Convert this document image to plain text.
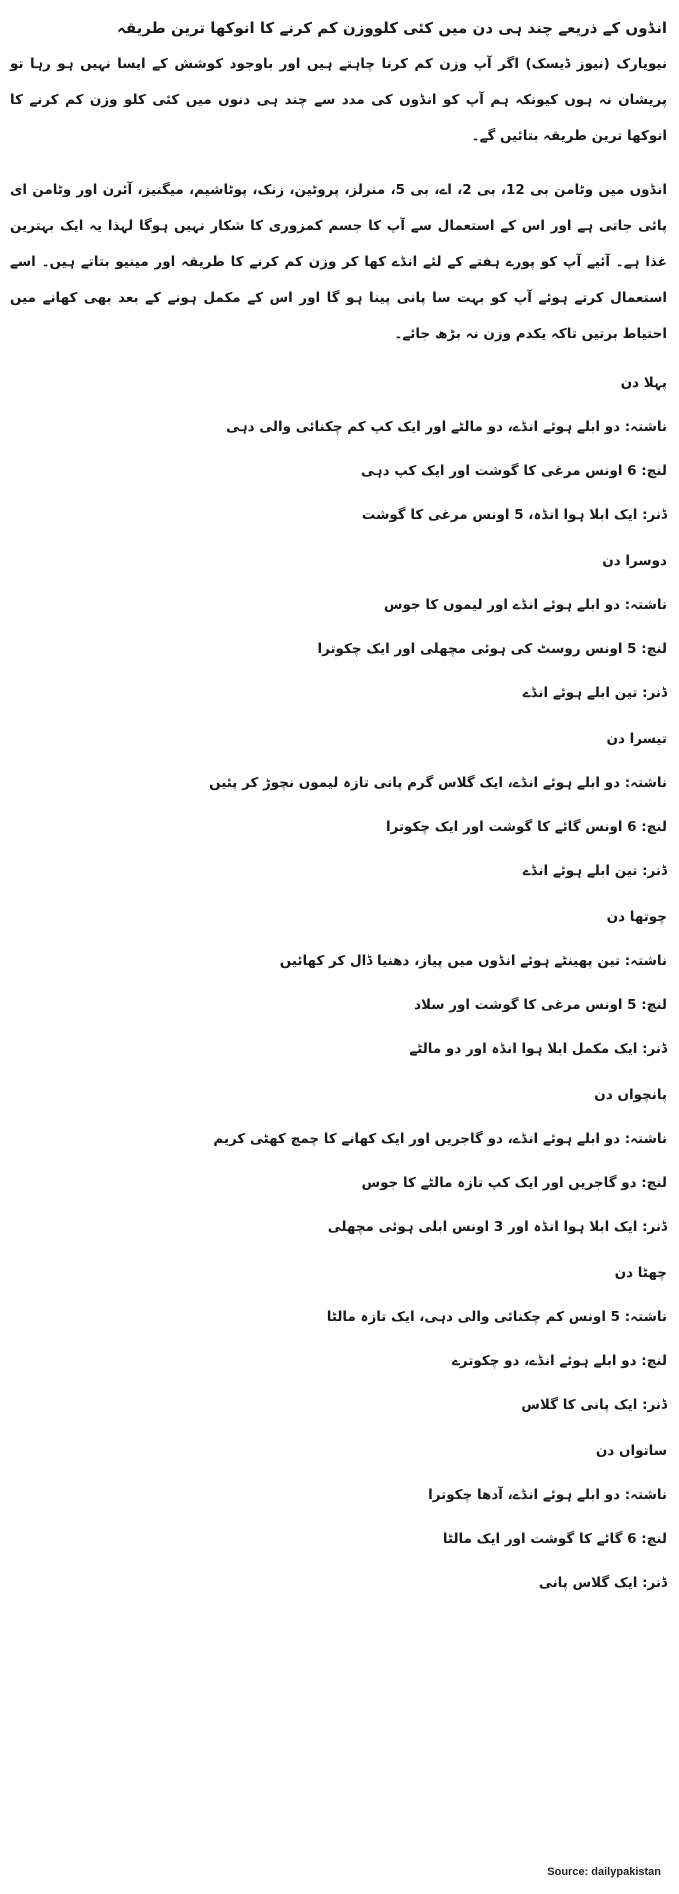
انڈوں کے ذریعے چند ہی دن میں کئی کلووزن کم کرنے کا انوکھا ترین طریقہ
نیویارک (نیوز ڈیسک) اگر آپ وزن کم کرنا چاہتے ہیں اور باوجود کوشش کے ایسا نہیں ہو رہا تو پریشان نہ ہوں کیونکہ ہم آپ کو انڈوں کی مدد سے چند ہی دنوں میں کئی کلو وزن کم کرنے کا انوکھا ترین طریقہ بتائیں گے۔
انڈوں میں وٹامن بی 12، بی 2، اے، بی 5، منرلز، پروٹین، زنک، پوٹاشیم، میگنیز، آئرن اور وٹامن ای پائی جاتی ہے اور اس کے استعمال سے آپ کا جسم کمزوری کا شکار نہیں ہوگا لہذا یہ ایک بہترین غذا ہے۔ آئیے آپ کو پورے ہفتے کے لئے انڈے کھا کر وزن کم کرنے کا طریقہ اور مینیو بتاتے ہیں۔ اسے استعمال کرتے ہوئے آپ کو بہت سا پانی پینا ہو گا اور اس کے مکمل ہونے کے بعد بھی کھانے میں احتیاط برتیں تاکہ یکدم وزن نہ بڑھ جائے۔
پہلا دن
ناشتہ: دو ابلے ہوئے انڈے، دو مالٹے اور ایک کپ کم چکنائی والی دہی
لنچ: 6 اونس مرغی کا گوشت اور ایک کپ دہی
ڈنر: ایک ابلا ہوا انڈہ، 5 اونس مرغی کا گوشت
دوسرا دن
ناشتہ: دو ابلے ہوئے انڈے اور لیموں کا جوس
لنچ: 5 اونس روسٹ کی ہوئی مچھلی اور ایک چکوترا
ڈنر: تین ابلے ہوئے انڈے
تیسرا دن
ناشتہ: دو ابلے ہوئے انڈے، ایک گلاس گرم پانی تازہ لیموں نچوڑ کر پئیں
لنچ: 6 اونس گائے کا گوشت اور ایک چکوترا
ڈنر: تین ابلے ہوئے انڈے
چوتھا دن
ناشتہ: تین پھینٹے ہوئے انڈوں میں پیاز، دھنیا ڈال کر کھائیں
لنچ: 5 اونس مرغی کا گوشت اور سلاد
ڈنر: ایک مکمل ابلا ہوا انڈہ اور دو مالٹے
پانچواں دن
ناشتہ: دو ابلے ہوئے انڈے، دو گاجریں اور ایک کھانے کا چمچ کھٹی کریم
لنچ: دو گاجریں اور ایک کپ تازہ مالٹے کا جوس
ڈنر: ایک ابلا ہوا انڈہ اور 3 اونس ابلی ہوئی مچھلی
چھٹا دن
ناشتہ: 5 اونس کم چکنائی والی دہی، ایک تازہ مالٹا
لنچ: دو ابلے ہوئے انڈے، دو چکوترے
ڈنر: ایک پانی کا گلاس
ساتواں دن
ناشتہ: دو ابلے ہوئے انڈے، آدھا چکوترا
لنچ: 6 گائے کا گوشت اور ایک مالٹا
ڈنر: ایک گلاس پانی
Source: dailypakistan
